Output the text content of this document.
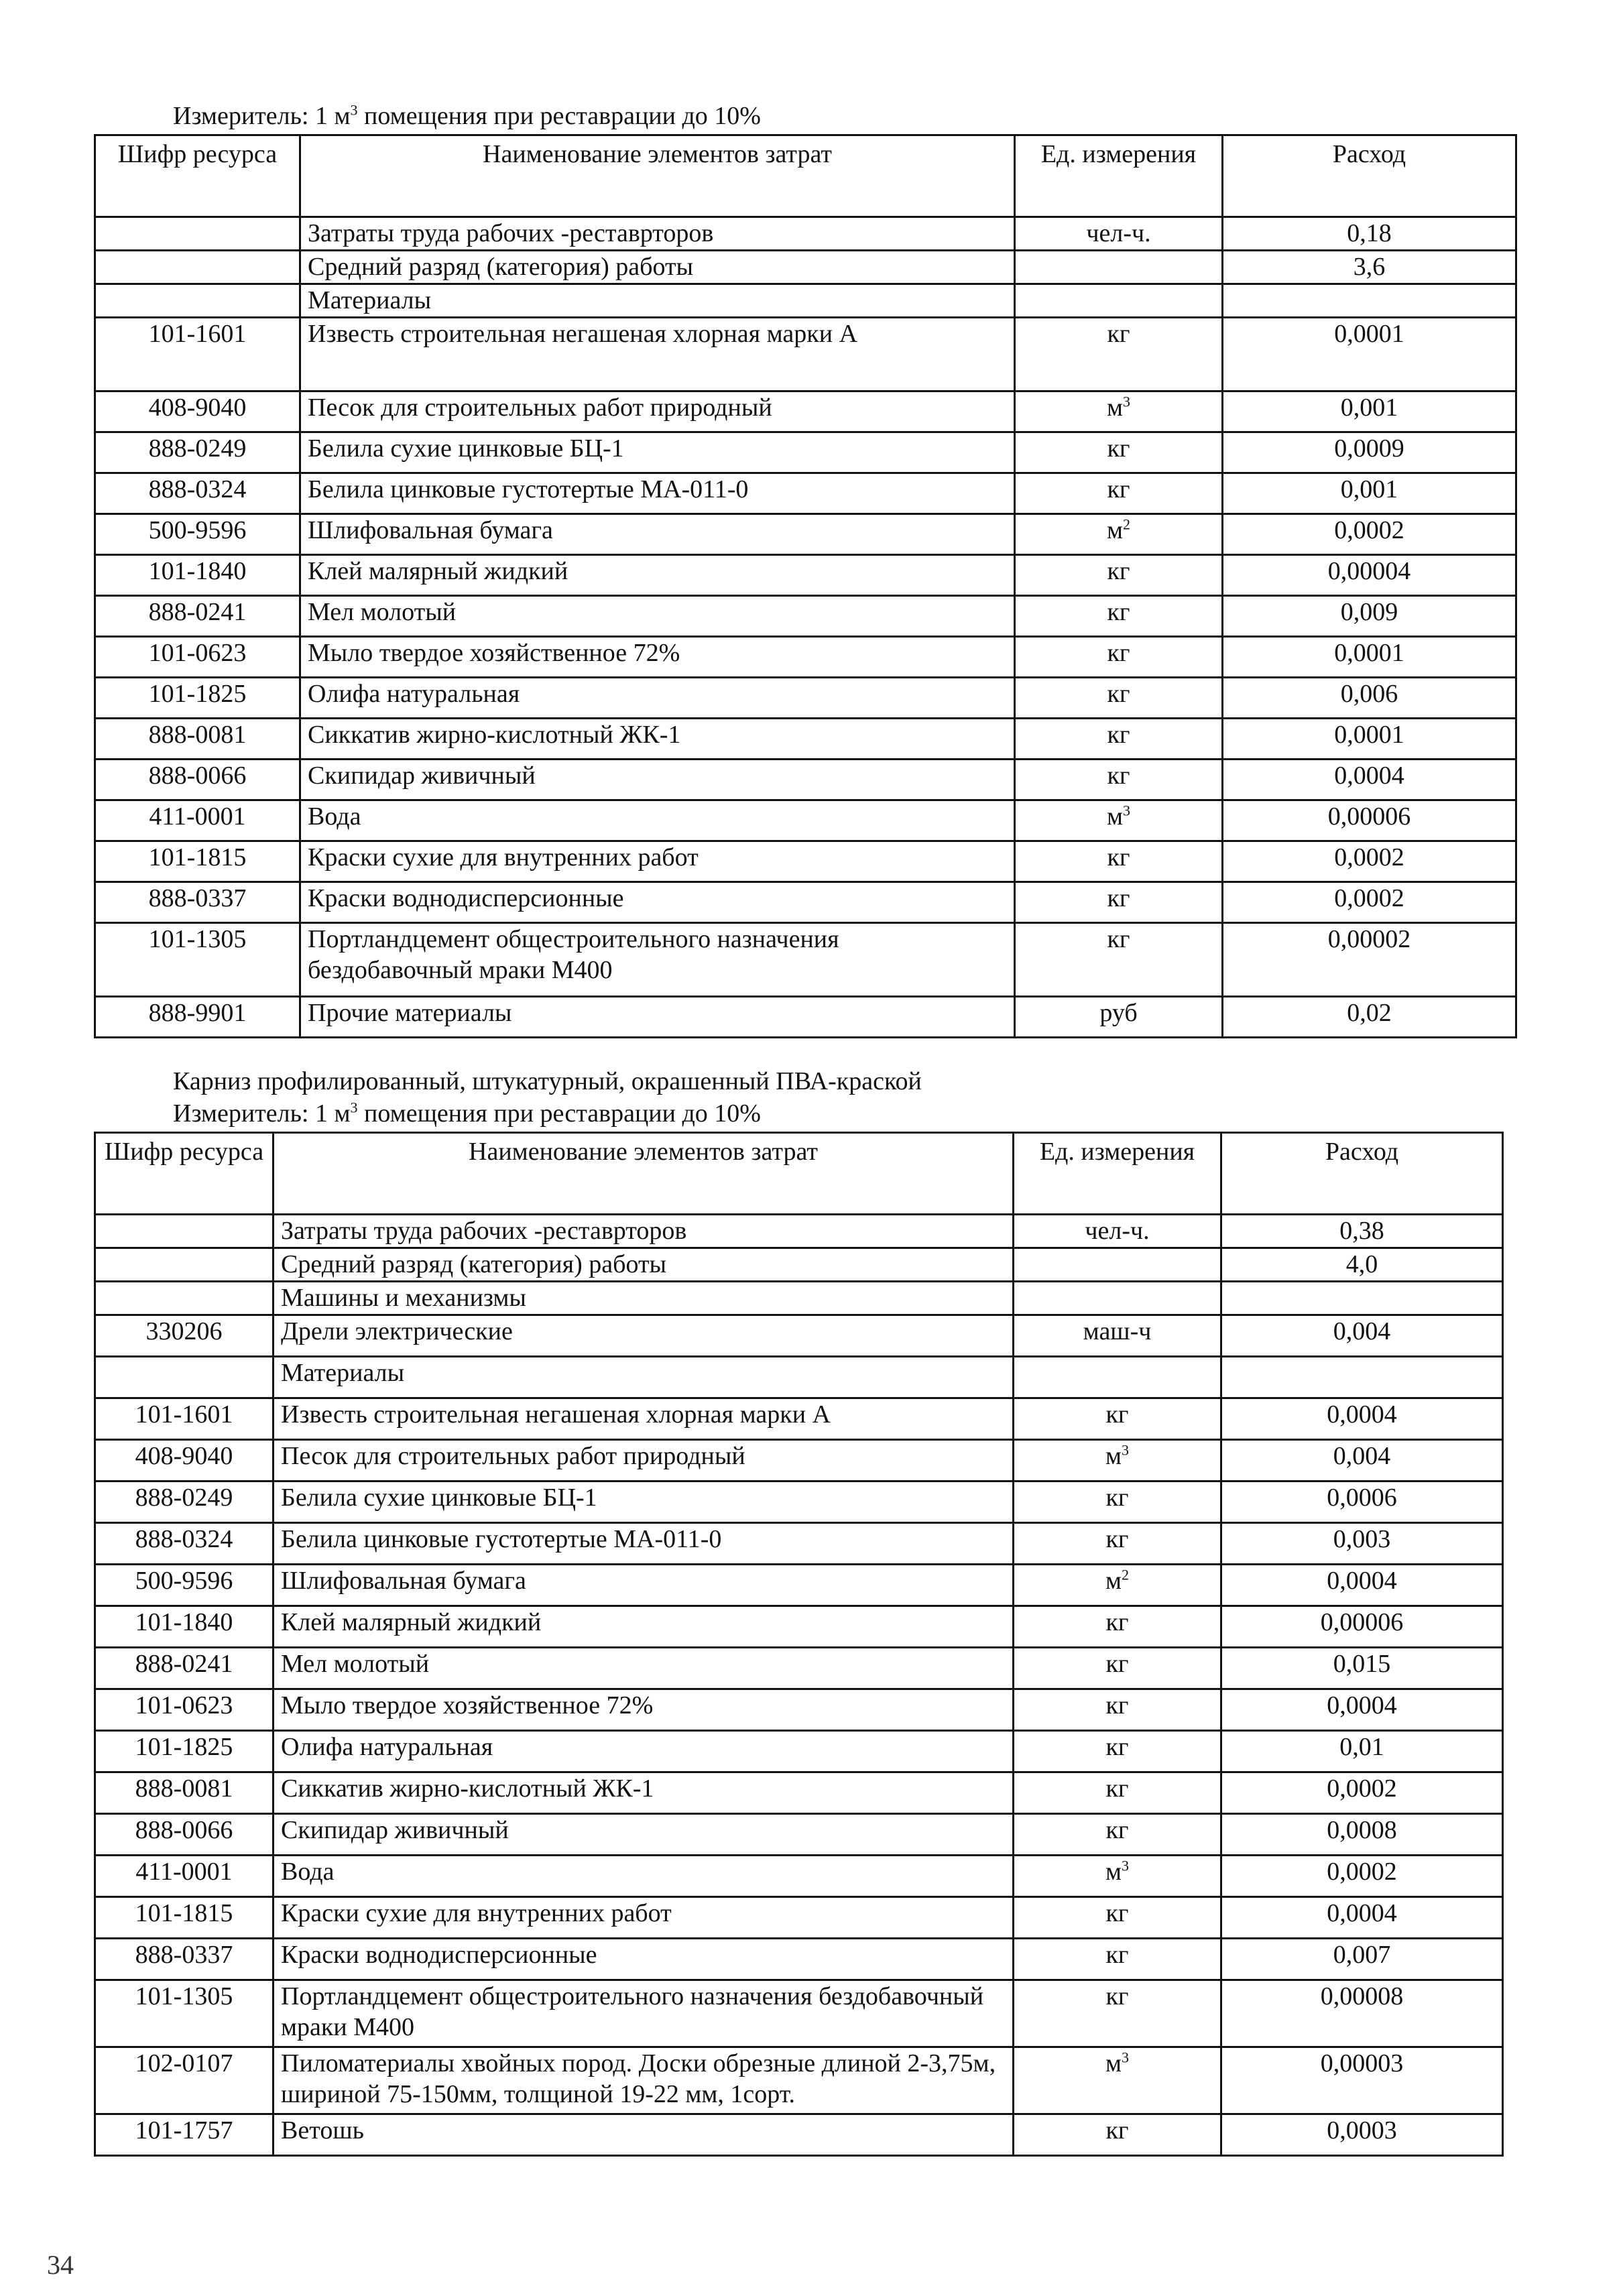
Измеритель: 1 $м^3$ помещения при реставрации до 10%
Шифр ресурса	Наименование элементов затрат	Ед. измерения	Расход
	Затраты труда рабочих -реставрторов	чел-ч.	0,18
	Средний разряд (категория) работы		3,6
	Материалы		
101-1601	Известь строительная негашеная хлорная марки А	кг	0,0001
408-9040	Песок для строительных работ природный	$м^3$	0,001
888-0249	Белила сухие цинковые БЦ-1	кг	0,0009
888-0324	Белила цинковые густотертые МА-011-0	кг	0,001
500-9596	Шлифовальная бумага	$м^2$	0,0002
101-1840	Клей малярный жидкий	кг	0,00004
888-0241	Мел молотый	кг	0,009
101-0623	Мыло твердое хозяйственное 72%	кг	0,0001
101-1825	Олифа натуральная	кг	0,006
888-0081	Сиккатив жирно-кислотный ЖК-1	кг	0,0001
888-0066	Скипидар живичный	кг	0,0004
411-0001	Вода	$м^3$	0,00006
101-1815	Краски сухие для внутренних работ	кг	0,0002
888-0337	Краски воднодисперсионные	кг	0,0002
101-1305	Портландцемент общестроительного назначения бездобавочный мраки М400	кг	0,00002
888-9901	Прочие материалы	руб	0,02
Карниз профилированный, штукатурный, окрашенный ПВА-краской
Измеритель: 1 $м^3$ помещения при реставрации до 10%
Шифр ресурса	Наименование элементов затрат	Ед. измерения	Расход
	Затраты труда рабочих -реставрторов	чел-ч.	0,38
	Средний разряд (категория) работы		4,0
	Машины и механизмы		
330206	Дрели электрические	маш-ч	0,004
	Материалы		
101-1601	Известь строительная негашеная хлорная марки А	кг	0,0004
408-9040	Песок для строительных работ природный	$м^3$	0,004
888-0249	Белила сухие цинковые БЦ-1	кг	0,0006
888-0324	Белила цинковые густотертые МА-011-0	кг	0,003
500-9596	Шлифовальная бумага	$м^2$	0,0004
101-1840	Клей малярный жидкий	кг	0,00006
888-0241	Мел молотый	кг	0,015
101-0623	Мыло твердое хозяйственное 72%	кг	0,0004
101-1825	Олифа натуральная	кг	0,01
888-0081	Сиккатив жирно-кислотный ЖК-1	кг	0,0002
888-0066	Скипидар живичный	кг	0,0008
411-0001	Вода	$м^3$	0,0002
101-1815	Краски сухие для внутренних работ	кг	0,0004
888-0337	Краски воднодисперсионные	кг	0,007
101-1305	Портландцемент общестроительного назначения бездобавочный мраки М400	кг	0,00008
102-0107	Пиломатериалы хвойных пород. Доски обрезные длиной 2-3,75м, шириной 75-150мм, толщиной 19-22 мм, 1сорт.	$м^3$	0,00003
101-1757	Ветошь	кг	0,0003
34
